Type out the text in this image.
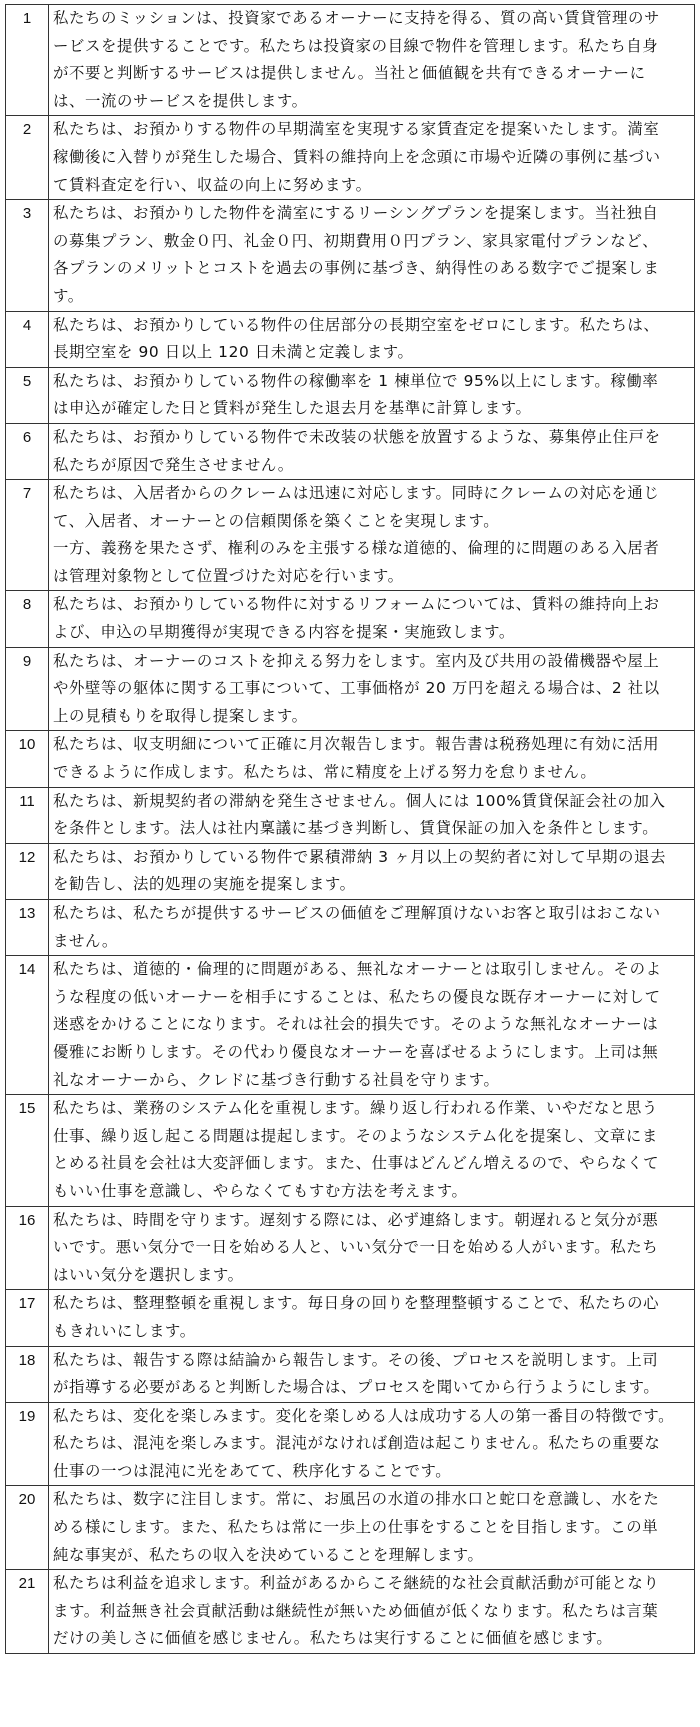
1	私たちのミッションは、投資家であるオーナーに支持を得る、質の高い賃貸管理のサ
ービスを提供することです。私たちは投資家の目線で物件を管理します。私たち自身
が不要と判断するサービスは提供しません。当社と価値観を共有できるオーナーに
は、一流のサービスを提供します。

2	私たちは、お預かりする物件の早期満室を実現する家賃査定を提案いたします。満室
稼働後に入替りが発生した場合、賃料の維持向上を念頭に市場や近隣の事例に基づい
て賃料査定を行い、収益の向上に努めます。

3	私たちは、お預かりした物件を満室にするリーシングプランを提案します。当社独自
の募集プラン、敷金０円、礼金０円、初期費用０円プラン、家具家電付プランなど、
各プランのメリットとコストを過去の事例に基づき、納得性のある数字でご提案しま
す。

4	私たちは、お預かりしている物件の住居部分の長期空室をゼロにします。私たちは、
長期空室を 90 日以上 120 日未満と定義します。

5	私たちは、お預かりしている物件の稼働率を 1 棟単位で 95%以上にします。稼働率
は申込が確定した日と賃料が発生した退去月を基準に計算します。

6	私たちは、お預かりしている物件で未改装の状態を放置するような、募集停止住戸を
私たちが原因で発生させません。

7	私たちは、入居者からのクレームは迅速に対応します。同時にクレームの対応を通じ
て、入居者、オーナーとの信頼関係を築くことを実現します。
一方、義務を果たさず、権利のみを主張する様な道徳的、倫理的に問題のある入居者
は管理対象物として位置づけた対応を行います。

8	私たちは、お預かりしている物件に対するリフォームについては、賃料の維持向上お
よび、申込の早期獲得が実現できる内容を提案・実施致します。

9	私たちは、オーナーのコストを抑える努力をします。室内及び共用の設備機器や屋上
や外壁等の躯体に関する工事について、工事価格が 20 万円を超える場合は、2 社以
上の見積もりを取得し提案します。

10	私たちは、収支明細について正確に月次報告します。報告書は税務処理に有効に活用
できるように作成します。私たちは、常に精度を上げる努力を怠りません。

11	私たちは、新規契約者の滞納を発生させません。個人には 100%賃貸保証会社の加入
を条件とします。法人は社内稟議に基づき判断し、賃貸保証の加入を条件とします。

12	私たちは、お預かりしている物件で累積滞納 3 ヶ月以上の契約者に対して早期の退去
を勧告し、法的処理の実施を提案します。

13	私たちは、私たちが提供するサービスの価値をご理解頂けないお客と取引はおこない
ません。

14	私たちは、道徳的・倫理的に問題がある、無礼なオーナーとは取引しません。そのよ
うな程度の低いオーナーを相手にすることは、私たちの優良な既存オーナーに対して
迷惑をかけることになります。それは社会的損失です。そのような無礼なオーナーは
優雅にお断りします。その代わり優良なオーナーを喜ばせるようにします。上司は無
礼なオーナーから、クレドに基づき行動する社員を守ります。

15	私たちは、業務のシステム化を重視します。繰り返し行われる作業、いやだなと思う
仕事、繰り返し起こる問題は提起します。そのようなシステム化を提案し、文章にま
とめる社員を会社は大変評価します。また、仕事はどんどん増えるので、やらなくて
もいい仕事を意識し、やらなくてもすむ方法を考えます。

16	私たちは、時間を守ります。遅刻する際には、必ず連絡します。朝遅れると気分が悪
いです。悪い気分で一日を始める人と、いい気分で一日を始める人がいます。私たち
はいい気分を選択します。

17	私たちは、整理整頓を重視します。毎日身の回りを整理整頓することで、私たちの心
もきれいにします。

18	私たちは、報告する際は結論から報告します。その後、プロセスを説明します。上司
が指導する必要があると判断した場合は、プロセスを聞いてから行うようにします。

19	私たちは、変化を楽しみます。変化を楽しめる人は成功する人の第一番目の特徴です。
私たちは、混沌を楽しみます。混沌がなければ創造は起こりません。私たちの重要な
仕事の一つは混沌に光をあてて、秩序化することです。

20	私たちは、数字に注目します。常に、お風呂の水道の排水口と蛇口を意識し、水をた
める様にします。また、私たちは常に一歩上の仕事をすることを目指します。この単
純な事実が、私たちの収入を決めていることを理解します。

21	私たちは利益を追求します。利益があるからこそ継続的な社会貢献活動が可能となり
ます。利益無き社会貢献活動は継続性が無いため価値が低くなります。私たちは言葉
だけの美しさに価値を感じません。私たちは実行することに価値を感じます。
